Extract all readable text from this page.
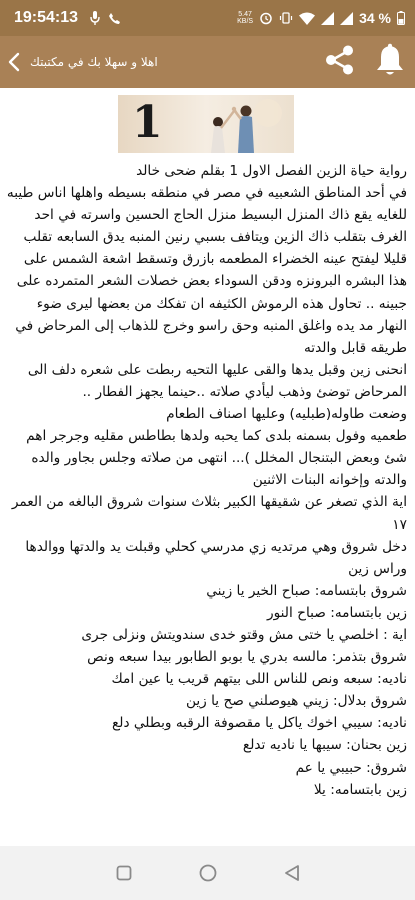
19:54:13	5.47
KB/S	34 %
اهلا و سهلا بك في مكتبتك
1

رواية حياة الزين الفصل الاول 1 بقلم ضحى خالد

في أحد المناطق الشعبيه في مصر في منطقه بسيطه واهلها اناس طيبه للغايه يقع ذاك المنزل البسيط منزل الحاج الحسين واسرته في احد الغرف بتقلب ذاك الزين ويتافف بسبي رنين المنبه يدق السابعه تقلب قليلا ليفتح عينه الخضراء المطعمه بازرق وتسقط اشعة الشمس على هذا البشره البرونزه ودقن السوداء بعض خصلات الشعر المتمرده على جبينه .. تحاول هذه الرموش الكثيفه ان تفكك من بعضها ليرى ضوء النهار مد يده واغلق المنبه وحق راسو وخرج للذهاب إلى المرحاض في طريقه قابل والدته

انحنى زين وقبل يدها والقى عليها التحيه ربطت على شعره دلف الى المرحاض توضئ وذهب ليأدي صلاته ..حينما يجهز الفطار ..

وضعت طاوله(طبليه) وعليها اصناف الطعام

طعميه وفول بسمنه بلدى كما يحبه ولدها بطاطس مقليه وجرجر اهم شئ وبعض البتنجال المخلل )... انتهى من صلاته وجلس بجاور والده والدته وإخوانه البنات الاثنين

اية الذي تصغر عن شقيقها الكبير بثلاث سنوات شروق البالغه من العمر ١٧

دخل شروق وهي مرتديه زي مدرسي كحلي وقبلت يد والدتها ووالدها وراس زين

شروق بابتسامه: صباح الخير يا زيني

زين بابتسامه: صباح النور

اية : اخلصي يا ختى مش وقتو خدى سندويتش ونزلى جرى

شروق بتذمر: مالسه بدري يا بوبو الطابور بيدا سبعه ونص

ناديه: سبعه ونص للناس اللى بيتهم قريب يا عين امك

شروق بدلال: زيني هيوصلني صح يا زين

ناديه: سيبي اخوك ياكل يا مقصوفة الرقبه وبطلي دلع

زين بحنان: سيبها يا ناديه تدلع

شروق: حبيبي يا عم

زين بابتسامه: يلا
